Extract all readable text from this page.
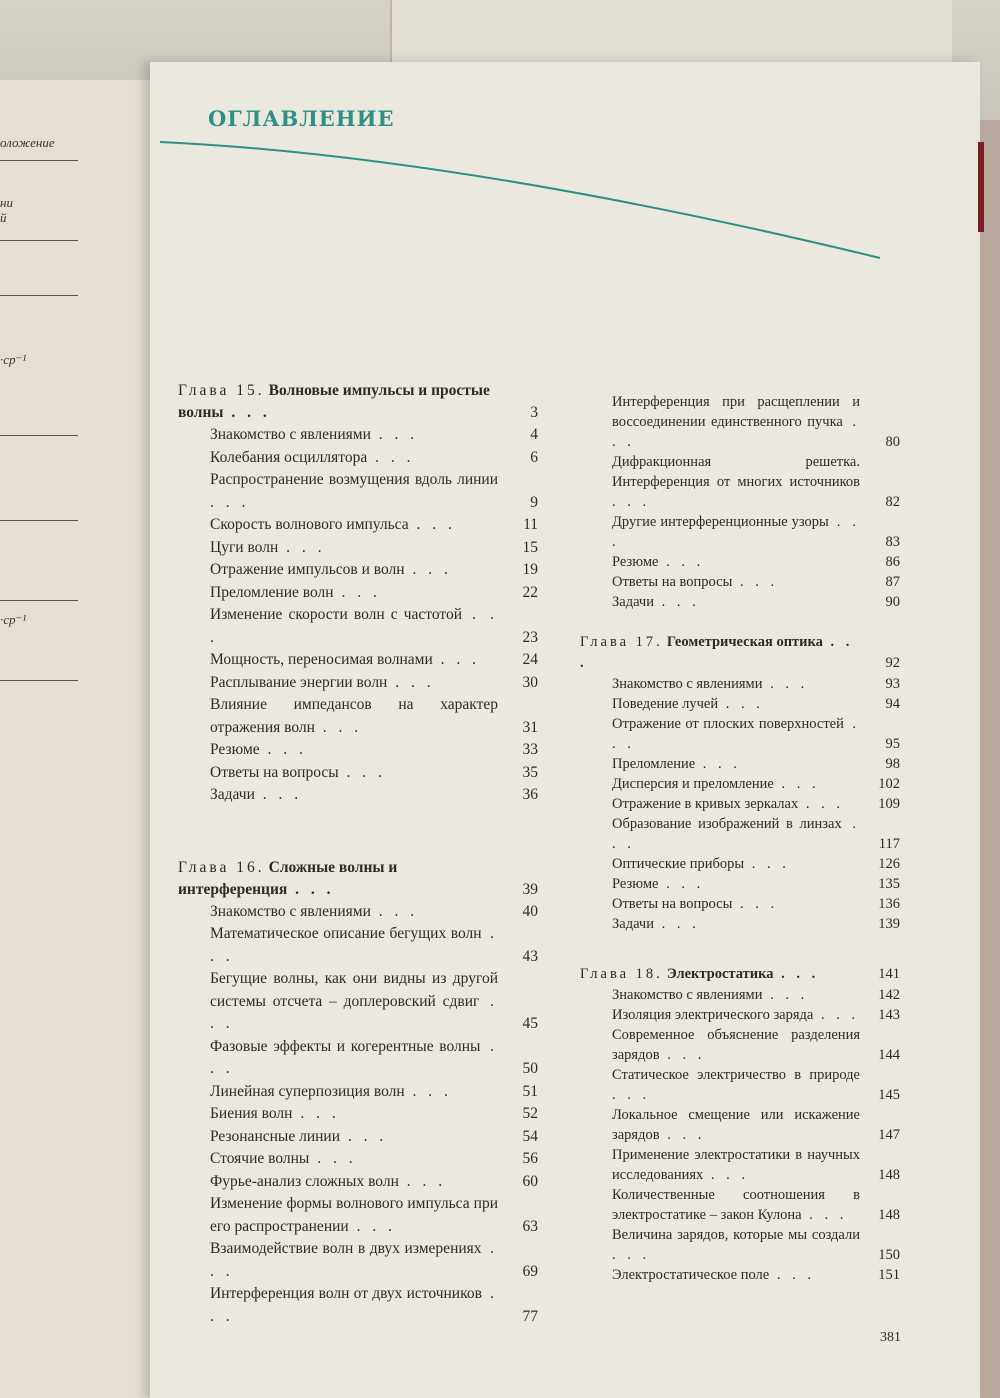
оложение
ни
й
·ср⁻¹
·ср⁻¹
ОГЛАВЛЕНИЕ
Глава 15. Волновые импульсы и простые волны . . .	3
Знакомство с явлениями . . .	4
Колебания осциллятора . . .	6
Распространение возмущения вдоль линии . . .	9
Скорость волнового импульса . . .	11
Цуги волн . . .	15
Отражение импульсов и волн . . .	19
Преломление волн . . .	22
Изменение скорости волн с частотой . . .	23
Мощность, переносимая волнами . . .	24
Расплывание энергии волн . . .	30
Влияние импедансов на характер отражения волн . . .	31
Резюме . . .	33
Ответы на вопросы . . .	35
Задачи . . .	36
Глава 16. Сложные волны и интерференция . . .	39
Знакомство с явлениями . . .	40
Математическое описание бегущих волн . . .	43
Бегущие волны, как они видны из другой системы отсчета – доплеровский сдвиг . . .	45
Фазовые эффекты и когерентные волны . . .	50
Линейная суперпозиция волн . . .	51
Биения волн . . .	52
Резонансные линии . . .	54
Стоячие волны . . .	56
Фурье-анализ сложных волн . . .	60
Изменение формы волнового импульса при его распространении . . .	63
Взаимодействие волн в двух измерениях . . .	69
Интерференция волн от двух источников . . .	77
Интерференция при расщеплении и воссоединении единственного пучка . . .	80
Дифракционная решетка. Интерференция от многих источников . . .	82
Другие интерференционные узоры . . .	83
Резюме . . .	86
Ответы на вопросы . . .	87
Задачи . . .	90
Глава 17. Геометрическая оптика . . .	92
Знакомство с явлениями . . .	93
Поведение лучей . . .	94
Отражение от плоских поверхностей . . .	95
Преломление . . .	98
Дисперсия и преломление . . .	102
Отражение в кривых зеркалах . . .	109
Образование изображений в линзах . . .	117
Оптические приборы . . .	126
Резюме . . .	135
Ответы на вопросы . . .	136
Задачи . . .	139
Глава 18. Электростатика . . .	141
Знакомство с явлениями . . .	142
Изоляция электрического заряда . . .	143
Современное объяснение разделения зарядов . . .	144
Статическое электричество в природе . . .	145
Локальное смещение или искажение зарядов . . .	147
Применение электростатики в научных исследованиях . . .	148
Количественные соотношения в электростатике – закон Кулона . . .	148
Величина зарядов, которые мы создали . . .	150
Электростатическое поле . . .	151
381
